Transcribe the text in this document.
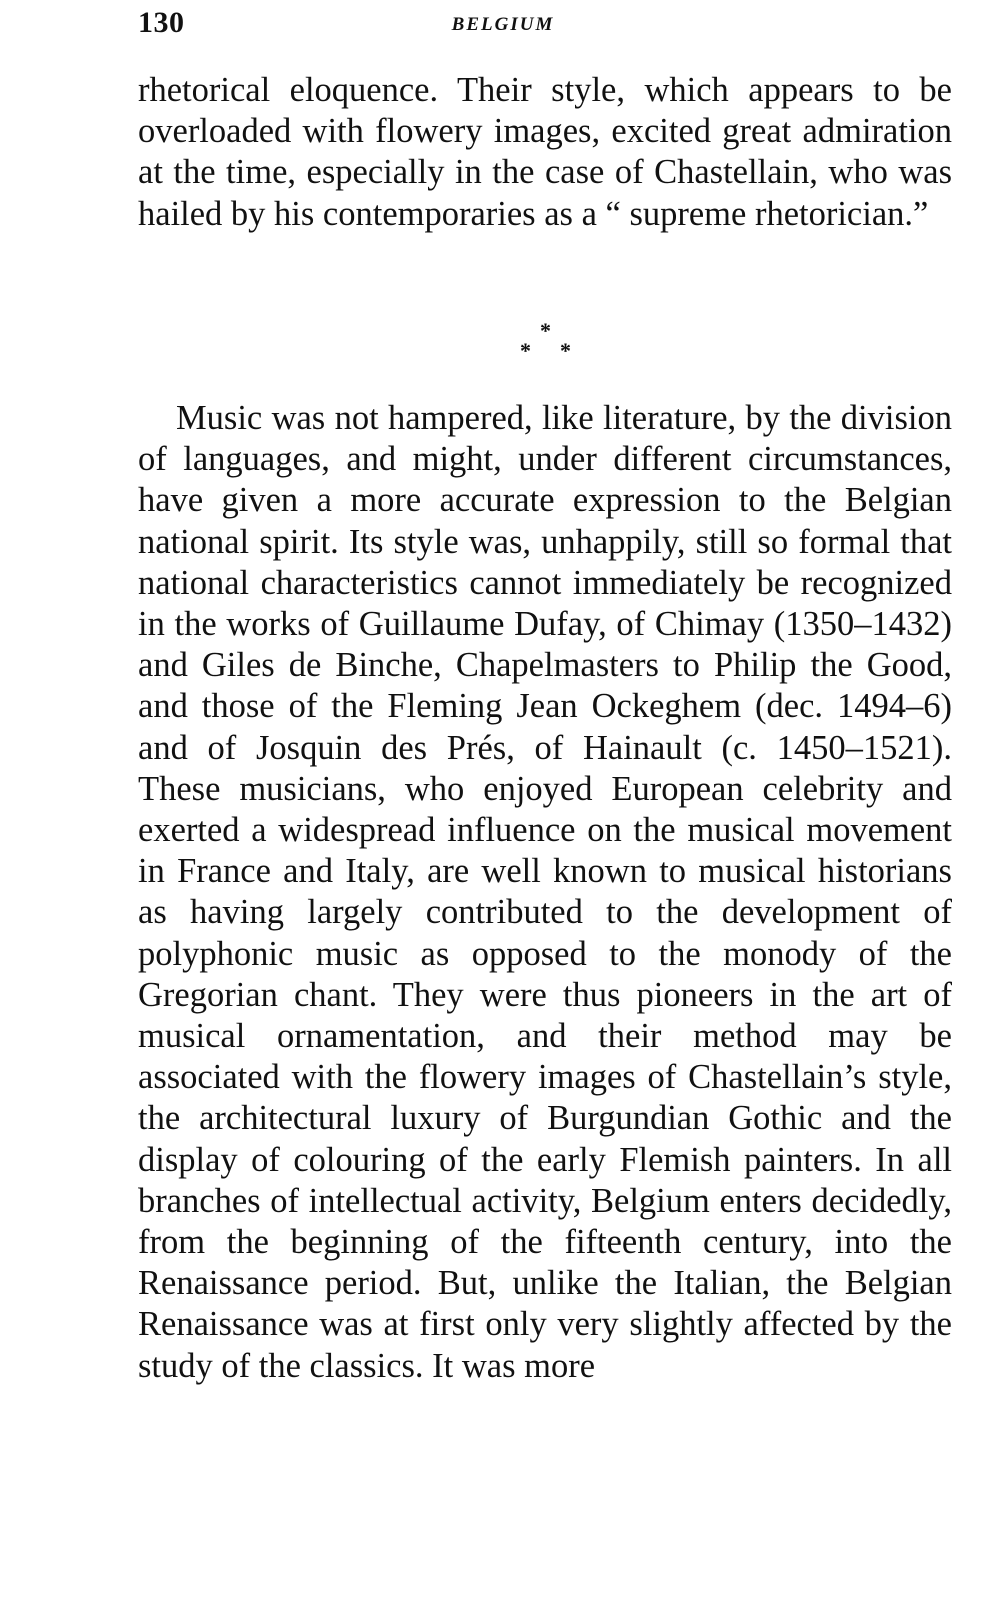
130	BELGIUM

rhetorical eloquence. Their style, which appears to be overloaded with flowery images, excited great admiration at the time, especially in the case of Chastellain, who was hailed by his contemporaries as a “ supreme rhetorician.”

*
* *

Music was not hampered, like literature, by the division of languages, and might, under different circumstances, have given a more accurate expression to the Belgian national spirit. Its style was, unhappily, still so formal that national characteristics cannot immediately be recognized in the works of Guillaume Dufay, of Chimay (1350–1432) and Giles de Binche, Chapelmasters to Philip the Good, and those of the Fleming Jean Ockeghem (dec. 1494–6) and of Josquin des Prés, of Hainault (c. 1450–1521). These musicians, who enjoyed European celebrity and exerted a widespread influence on the musical movement in France and Italy, are well known to musical historians as having largely contributed to the development of polyphonic music as opposed to the monody of the Gregorian chant. They were thus pioneers in the art of musical ornamentation, and their method may be associated with the flowery images of Chastellain’s style, the architectural luxury of Burgundian Gothic and the display of colouring of the early Flemish painters. In all branches of intellectual activity, Belgium enters decidedly, from the beginning of the fifteenth century, into the Renaissance period. But, unlike the Italian, the Belgian Renaissance was at first only very slightly affected by the study of the classics. It was more
